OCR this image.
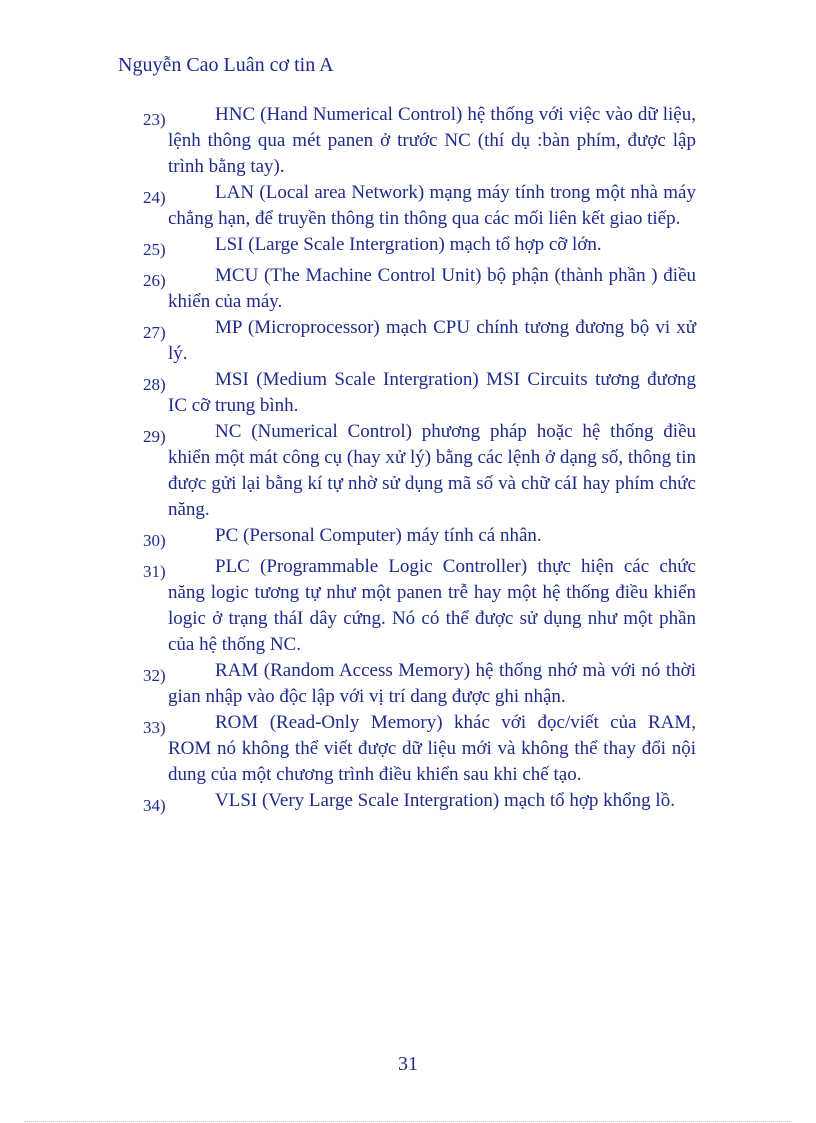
Nguyễn Cao Luân cơ tin A
23)	HNC (Hand Numerical Control) hệ thống với việc vào dữ liệu, lệnh thông qua mét panen ở trước NC (thí dụ :bàn phím, được lập trình bằng tay).
24)	LAN (Local area Network) mạng máy tính trong một nhà máy chẳng hạn, để truyền thông tin thông qua các mối liên kết giao tiếp.
25)	LSI (Large Scale Intergration) mạch tổ hợp cỡ lớn.
26)	MCU (The Machine Control Unit) bộ phận (thành phần ) điều khiển của máy.
27)	MP (Microprocessor) mạch CPU chính tương đương bộ vi xử lý.
28)	MSI (Medium Scale Intergration) MSI Circuits tương đương IC cỡ trung bình.
29)	NC (Numerical Control) phương pháp hoặc hệ thống điều khiển một mát công cụ (hay xử lý) bằng các lệnh ở dạng số, thông tin được gửi lại bằng kí tự nhờ sử dụng mã số và chữ cáI hay phím chức năng.
30)	PC (Personal Computer) máy tính cá nhân.
31)	PLC (Programmable Logic Controller) thực hiện các chức năng logic tương tự như một panen trễ hay một hệ thống điều khiển logic ở trạng tháI dây cứng. Nó có thể được sử dụng như một phần của hệ thống NC.
32)	RAM (Random Access Memory) hệ thống nhớ mà với nó thời gian nhập vào độc lập với vị trí dang được ghi nhận.
33)	ROM (Read-Only Memory) khác với đọc/viết của RAM, ROM nó không thể viết được dữ liệu mới và không thể thay đổi nội dung của một chương trình điều khiển sau khi chế tạo.
34)	VLSI (Very Large Scale Intergration) mạch tổ hợp khổng lồ.
31
